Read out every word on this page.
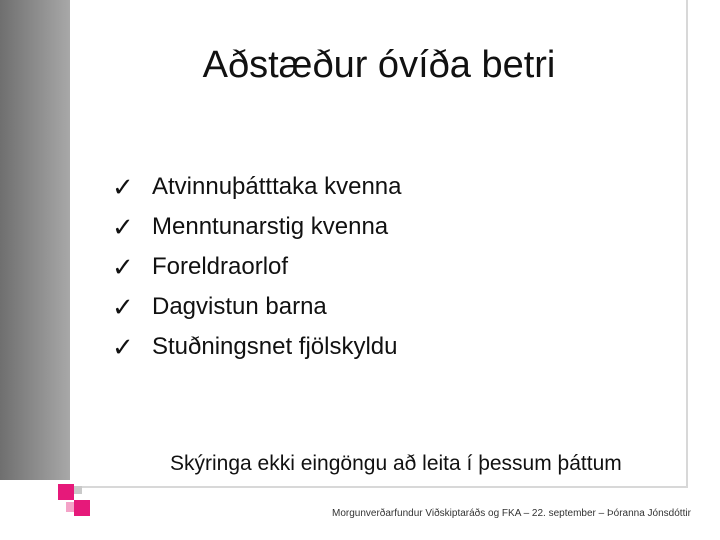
Aðstæður óvíða betri
✓ Atvinnuþátttaka kvenna
✓ Menntunarstig kvenna
✓ Foreldraorlof
✓ Dagvistun barna
✓ Stuðningsnet fjölskyldu
Skýringa ekki eingöngu að leita í þessum þáttum
Morgunverðarfundur Viðskiptaráðs og FKA – 22. september – Þóranna Jónsdóttir
